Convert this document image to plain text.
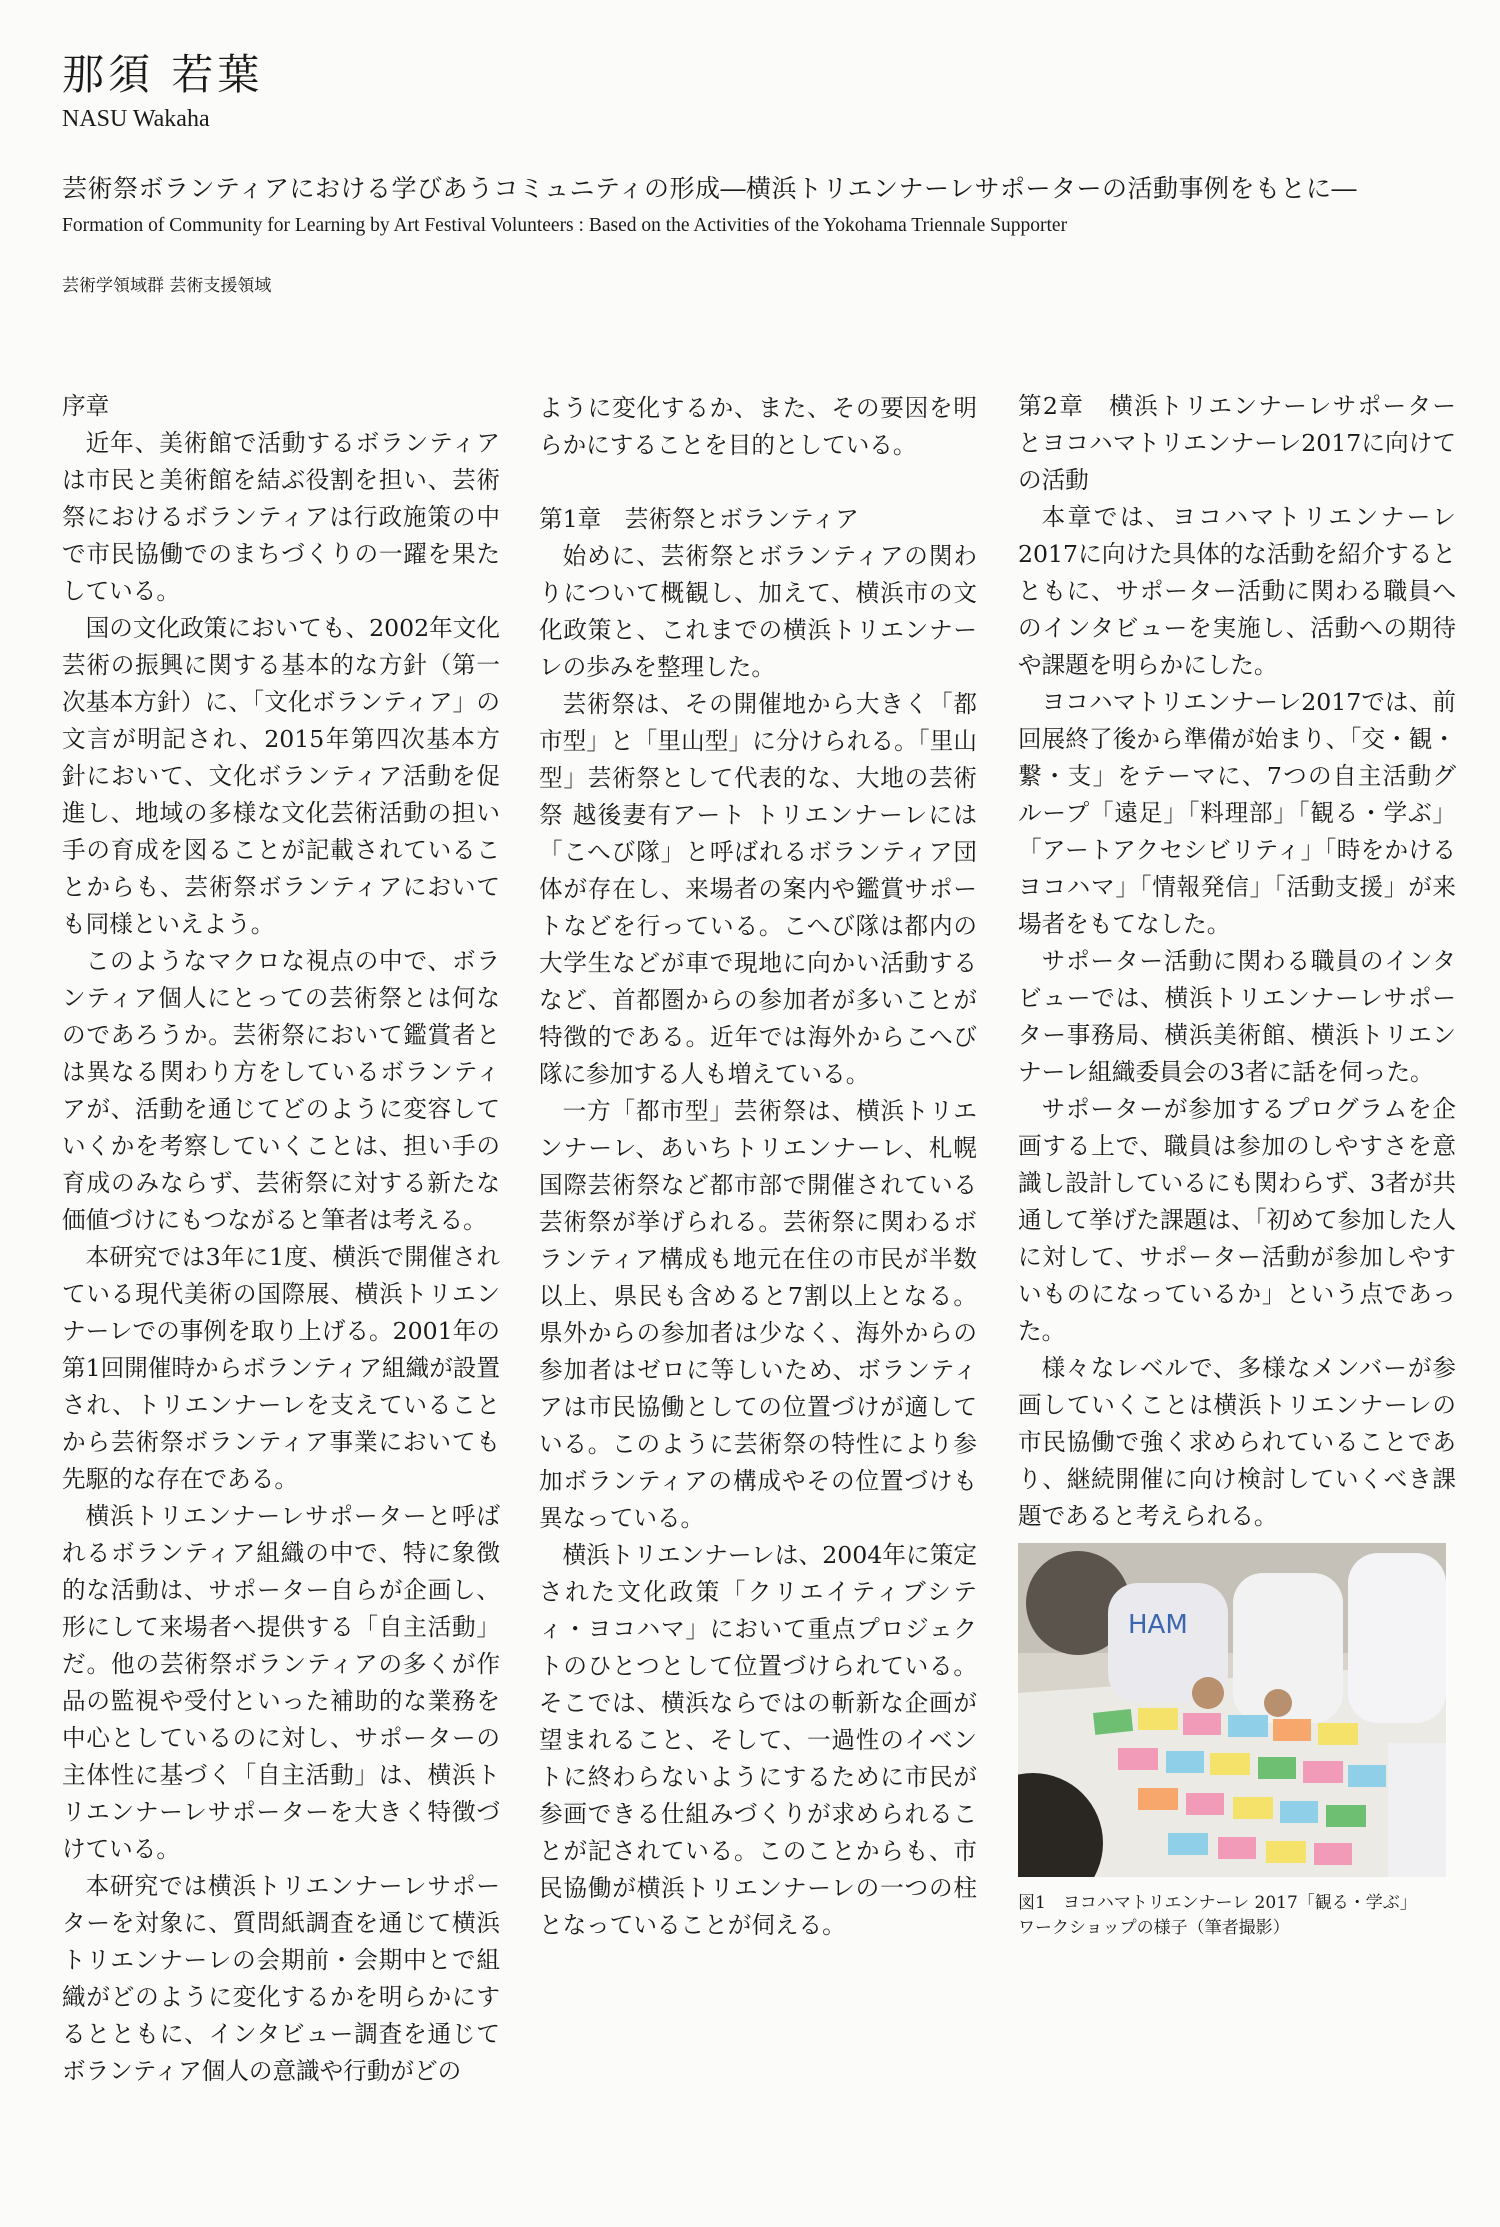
那須 若葉
NASU Wakaha
芸術祭ボランティアにおける学びあうコミュニティの形成―横浜トリエンナーレサポーターの活動事例をもとに―
Formation of Community for Learning by Art Festival Volunteers : Based on the Activities of the Yokohama Triennale Supporter
芸術学領域群 芸術支援領域
序章

近年、美術館で活動するボランティアは市民と美術館を結ぶ役割を担い、芸術祭におけるボランティアは行政施策の中で市民協働でのまちづくりの一躍を果たしている。

国の文化政策においても、2002年文化芸術の振興に関する基本的な方針（第一次基本方針）に、「文化ボランティア」の文言が明記され、2015年第四次基本方針において、文化ボランティア活動を促進し、地域の多様な文化芸術活動の担い手の育成を図ることが記載されていることからも、芸術祭ボランティアにおいても同様といえよう。

このようなマクロな視点の中で、ボランティア個人にとっての芸術祭とは何なのであろうか。芸術祭において鑑賞者とは異なる関わり方をしているボランティアが、活動を通じてどのように変容していくかを考察していくことは、担い手の育成のみならず、芸術祭に対する新たな価値づけにもつながると筆者は考える。

本研究では3年に1度、横浜で開催されている現代美術の国際展、横浜トリエンナーレでの事例を取り上げる。2001年の第1回開催時からボランティア組織が設置され、トリエンナーレを支えていることから芸術祭ボランティア事業においても先駆的な存在である。

横浜トリエンナーレサポーターと呼ばれるボランティア組織の中で、特に象徴的な活動は、サポーター自らが企画し、形にして来場者へ提供する「自主活動」だ。他の芸術祭ボランティアの多くが作品の監視や受付といった補助的な業務を中心としているのに対し、サポーターの主体性に基づく「自主活動」は、横浜トリエンナーレサポーターを大きく特徴づけている。

本研究では横浜トリエンナーレサポーターを対象に、質問紙調査を通じて横浜トリエンナーレの会期前・会期中とで組織がどのように変化するかを明らかにするとともに、インタビュー調査を通じてボランティア個人の意識や行動がどの

ように変化するか、また、その要因を明らかにすることを目的としている。

第1章　芸術祭とボランティア

始めに、芸術祭とボランティアの関わりについて概観し、加えて、横浜市の文化政策と、これまでの横浜トリエンナーレの歩みを整理した。

芸術祭は、その開催地から大きく「都市型」と「里山型」に分けられる。「里山型」芸術祭として代表的な、大地の芸術祭 越後妻有アート トリエンナーレには「こへび隊」と呼ばれるボランティア団体が存在し、来場者の案内や鑑賞サポートなどを行っている。こへび隊は都内の大学生などが車で現地に向かい活動するなど、首都圏からの参加者が多いことが特徴的である。近年では海外からこへび隊に参加する人も増えている。

一方「都市型」芸術祭は、横浜トリエンナーレ、あいちトリエンナーレ、札幌国際芸術祭など都市部で開催されている芸術祭が挙げられる。芸術祭に関わるボランティア構成も地元在住の市民が半数以上、県民も含めると7割以上となる。県外からの参加者は少なく、海外からの参加者はゼロに等しいため、ボランティアは市民協働としての位置づけが適している。このように芸術祭の特性により参加ボランティアの構成やその位置づけも異なっている。

横浜トリエンナーレは、2004年に策定された文化政策「クリエイティブシティ・ヨコハマ」において重点プロジェクトのひとつとして位置づけられている。そこでは、横浜ならではの斬新な企画が望まれること、そして、一過性のイベントに終わらないようにするために市民が参画できる仕組みづくりが求められることが記されている。このことからも、市民協働が横浜トリエンナーレの一つの柱となっていることが伺える。

第2章　横浜トリエンナーレサポーターとヨコハマトリエンナーレ2017に向けての活動

本章では、ヨコハマトリエンナーレ2017に向けた具体的な活動を紹介するとともに、サポーター活動に関わる職員へのインタビューを実施し、活動への期待や課題を明らかにした。

ヨコハマトリエンナーレ2017では、前回展終了後から準備が始まり、「交・観・繋・支」をテーマに、7つの自主活動グループ「遠足」「料理部」「観る・学ぶ」「アートアクセシビリティ」「時をかけるヨコハマ」「情報発信」「活動支援」が来場者をもてなした。

サポーター活動に関わる職員のインタビューでは、横浜トリエンナーレサポーター事務局、横浜美術館、横浜トリエンナーレ組織委員会の3者に話を伺った。

サポーターが参加するプログラムを企画する上で、職員は参加のしやすさを意識し設計しているにも関わらず、3者が共通して挙げた課題は、「初めて参加した人に対して、サポーター活動が参加しやすいものになっているか」という点であった。

様々なレベルで、多様なメンバーが参画していくことは横浜トリエンナーレの市民協働で強く求められていることであり、継続開催に向け検討していくべき課題であると考えられる。

HAM
図1　ヨコハマトリエンナーレ 2017「観る・学ぶ」
ワークショップの様子（筆者撮影）
